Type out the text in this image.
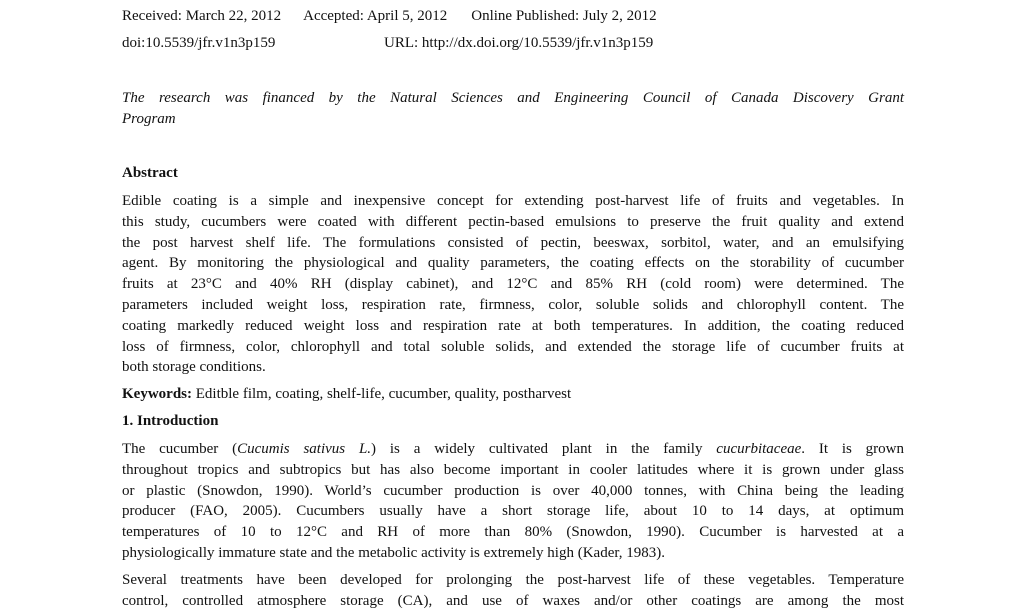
Received: March 22, 2012 Accepted: April 5, 2012 Online Published: July 2, 2012
doi:10.5539/jfr.v1n3p159	URL: http://dx.doi.org/10.5539/jfr.v1n3p159
The research was financed by the Natural Sciences and Engineering Council of Canada Discovery Grant
Program
Abstract
Edible coating is a simple and inexpensive concept for extending post-harvest life of fruits and vegetables. In
this study, cucumbers were coated with different pectin-based emulsions to preserve the fruit quality and extend
the post harvest shelf life. The formulations consisted of pectin, beeswax, sorbitol, water, and an emulsifying
agent. By monitoring the physiological and quality parameters, the coating effects on the storability of cucumber
fruits at 23°C and 40% RH (display cabinet), and 12°C and 85% RH (cold room) were determined. The
parameters included weight loss, respiration rate, firmness, color, soluble solids and chlorophyll content. The
coating markedly reduced weight loss and respiration rate at both temperatures. In addition, the coating reduced
loss of firmness, color, chlorophyll and total soluble solids, and extended the storage life of cucumber fruits at
both storage conditions.
Keywords: Editble film, coating, shelf-life, cucumber, quality, postharvest
1. Introduction
The cucumber (Cucumis sativus L.) is a widely cultivated plant in the family cucurbitaceae. It is grown
throughout tropics and subtropics but has also become important in cooler latitudes where it is grown under glass
or plastic (Snowdon, 1990). World’s cucumber production is over 40,000 tonnes, with China being the leading
producer (FAO, 2005). Cucumbers usually have a short storage life, about 10 to 14 days, at optimum
temperatures of 10 to 12°C and RH of more than 80% (Snowdon, 1990). Cucumber is harvested at a
physiologically immature state and the metabolic activity is extremely high (Kader, 1983).
Several treatments have been developed for prolonging the post-harvest life of these vegetables. Temperature
control, controlled atmosphere storage (CA), and use of waxes and/or other coatings are among the most
